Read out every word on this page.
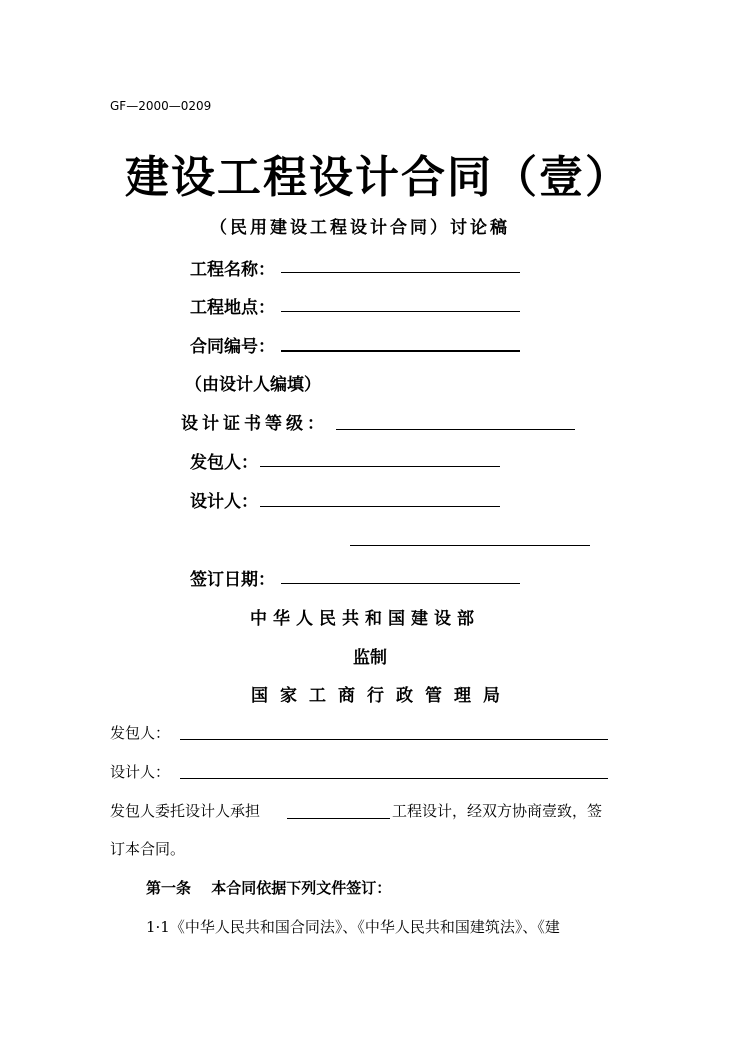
GF—2000—0209
建设工程设计合同（壹）
（民用建设工程设计合同）讨论稿
工程名称：
工程地点：
合同编号：
（由设计人编填）
设计证书等级：
发包人：
设计人：
签订日期：
中华人民共和国建设部
监制
国家工商行政管理局
发包人：
设计人：
发包人委托设计人承担	工程设计，经双方协商壹致，签
订本合同。
第一条　 本合同依据下列文件签订：
1·1《中华人民共和国合同法》、《中华人民共和国建筑法》、《建
